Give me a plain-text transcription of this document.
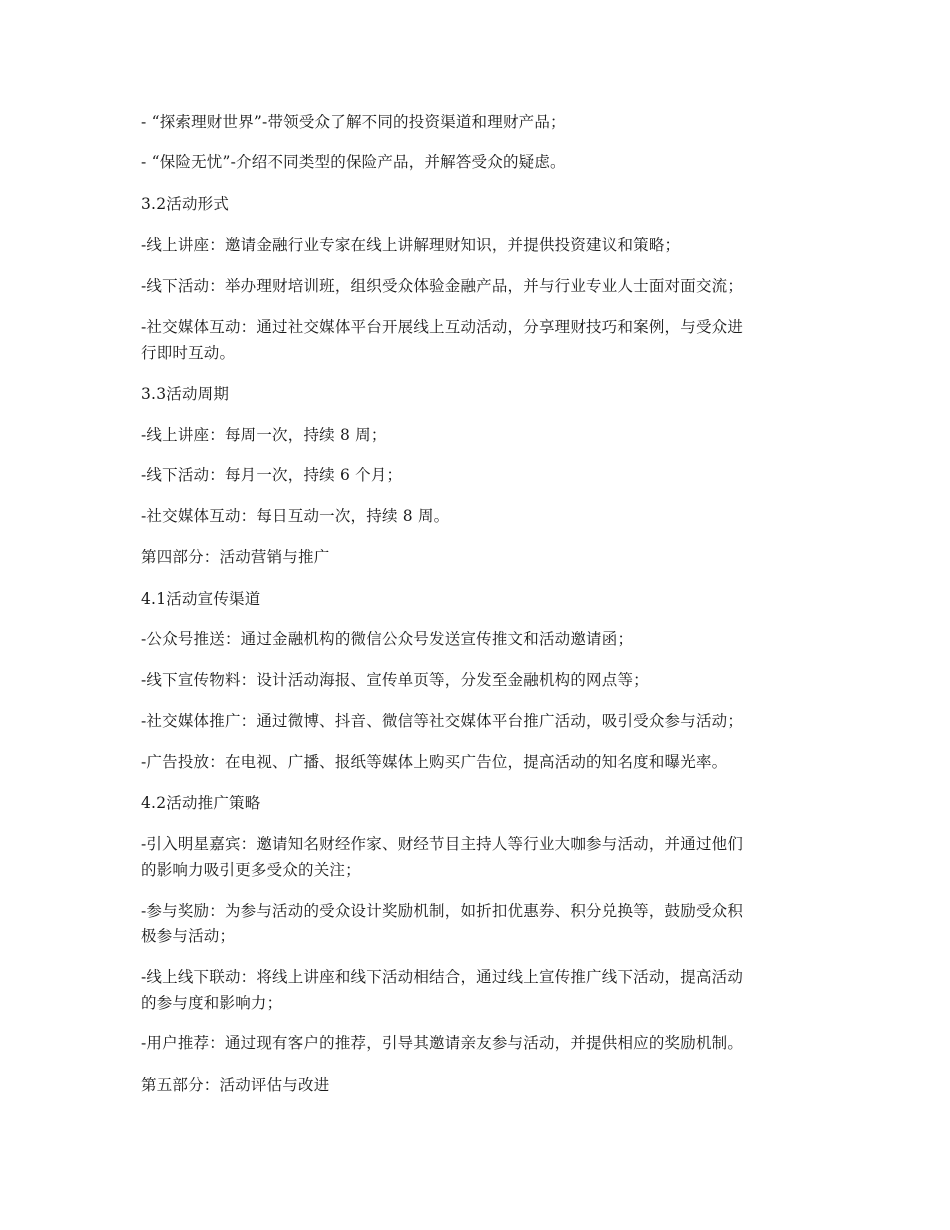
- “探索理财世界”-带领受众了解不同的投资渠道和理财产品；
- “保险无忧”-介绍不同类型的保险产品，并解答受众的疑虑。
3.2活动形式
-线上讲座：邀请金融行业专家在线上讲解理财知识，并提供投资建议和策略；
-线下活动：举办理财培训班，组织受众体验金融产品，并与行业专业人士面对面交流；
-社交媒体互动：通过社交媒体平台开展线上互动活动，分享理财技巧和案例，与受众进
行即时互动。
3.3活动周期
-线上讲座：每周一次，持续 8 周；
-线下活动：每月一次，持续 6 个月；
-社交媒体互动：每日互动一次，持续 8 周。
第四部分：活动营销与推广
4.1活动宣传渠道
-公众号推送：通过金融机构的微信公众号发送宣传推文和活动邀请函；
-线下宣传物料：设计活动海报、宣传单页等，分发至金融机构的网点等；
-社交媒体推广：通过微博、抖音、微信等社交媒体平台推广活动，吸引受众参与活动；
-广告投放：在电视、广播、报纸等媒体上购买广告位，提高活动的知名度和曝光率。
4.2活动推广策略
-引入明星嘉宾：邀请知名财经作家、财经节目主持人等行业大咖参与活动，并通过他们
的影响力吸引更多受众的关注；
-参与奖励：为参与活动的受众设计奖励机制，如折扣优惠券、积分兑换等，鼓励受众积
极参与活动；
-线上线下联动：将线上讲座和线下活动相结合，通过线上宣传推广线下活动，提高活动
的参与度和影响力；
-用户推荐：通过现有客户的推荐，引导其邀请亲友参与活动，并提供相应的奖励机制。
第五部分：活动评估与改进
